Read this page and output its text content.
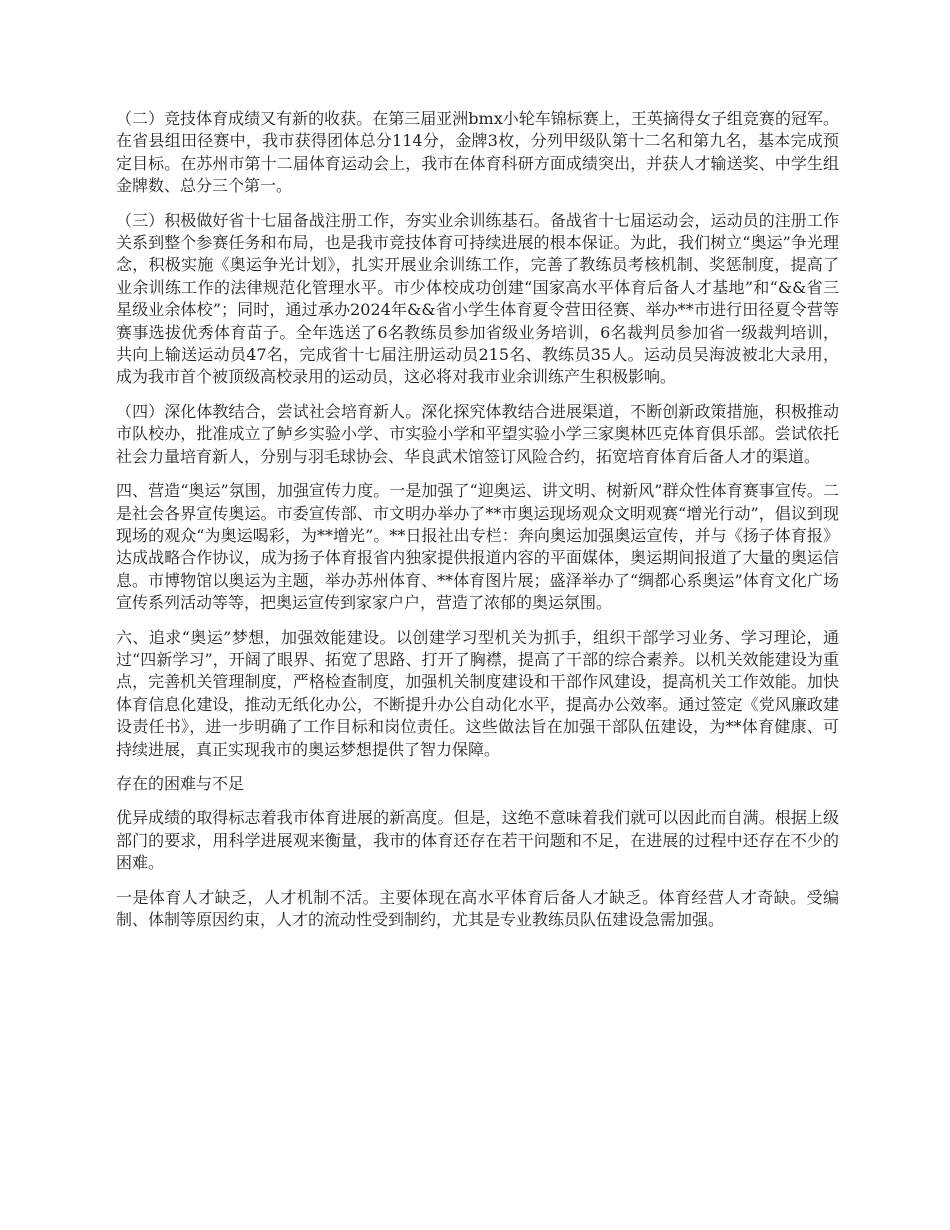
（二）竞技体育成绩又有新的收获。在第三届亚洲bmx小轮车锦标赛上，王英摘得女子组竞赛的冠军。在省县组田径赛中，我市获得团体总分114分，金牌3枚，分列甲级队第十二名和第九名，基本完成预定目标。在苏州市第十二届体育运动会上，我市在体育科研方面成绩突出，并获人才输送奖、中学生组金牌数、总分三个第一。

（三）积极做好省十七届备战注册工作，夯实业余训练基石。备战省十七届运动会，运动员的注册工作关系到整个参赛任务和布局，也是我市竞技体育可持续进展的根本保证。为此，我们树立“奥运”争光理念，积极实施《奥运争光计划》，扎实开展业余训练工作，完善了教练员考核机制、奖惩制度，提高了业余训练工作的法律规范化管理水平。市少体校成功创建“国家高水平体育后备人才基地”和“&&省三星级业余体校”；同时，通过承办2024年&&省小学生体育夏令营田径赛、举办**市进行田径夏令营等赛事选拔优秀体育苗子。全年选送了6名教练员参加省级业务培训，6名裁判员参加省一级裁判培训，共向上输送运动员47名，完成省十七届注册运动员215名、教练员35人。运动员吴海波被北大录用，成为我市首个被顶级高校录用的运动员，这必将对我市业余训练产生积极影响。

（四）深化体教结合，尝试社会培育新人。深化探究体教结合进展渠道，不断创新政策措施，积极推动市队校办，批准成立了鲈乡实验小学、市实验小学和平望实验小学三家奥林匹克体育俱乐部。尝试依托社会力量培育新人，分别与羽毛球协会、华良武术馆签订风险合约，拓宽培育体育后备人才的渠道。

四、营造“奥运”氛围，加强宣传力度。一是加强了“迎奥运、讲文明、树新风”群众性体育赛事宣传。二是社会各界宣传奥运。市委宣传部、市文明办举办了**市奥运现场观众文明观赛“增光行动”，倡议到现现场的观众“为奥运喝彩，为**增光”。**日报社出专栏：奔向奥运加强奥运宣传，并与《扬子体育报》达成战略合作协议，成为扬子体育报省内独家提供报道内容的平面媒体，奥运期间报道了大量的奥运信息。市博物馆以奥运为主题，举办苏州体育、**体育图片展；盛泽举办了“绸都心系奥运”体育文化广场宣传系列活动等等，把奥运宣传到家家户户，营造了浓郁的奥运氛围。

六、追求“奥运”梦想，加强效能建设。以创建学习型机关为抓手，组织干部学习业务、学习理论，通过“四新学习”，开阔了眼界、拓宽了思路、打开了胸襟，提高了干部的综合素养。以机关效能建设为重点，完善机关管理制度，严格检查制度，加强机关制度建设和干部作风建设，提高机关工作效能。加快体育信息化建设，推动无纸化办公，不断提升办公自动化水平，提高办公效率。通过签定《党风廉政建设责任书》，进一步明确了工作目标和岗位责任。这些做法旨在加强干部队伍建设，为**体育健康、可持续进展，真正实现我市的奥运梦想提供了智力保障。

存在的困难与不足

优异成绩的取得标志着我市体育进展的新高度。但是，这绝不意味着我们就可以因此而自满。根据上级部门的要求，用科学进展观来衡量，我市的体育还存在若干问题和不足，在进展的过程中还存在不少的困难。

一是体育人才缺乏，人才机制不活。主要体现在高水平体育后备人才缺乏。体育经营人才奇缺。受编制、体制等原因约束，人才的流动性受到制约，尤其是专业教练员队伍建设急需加强。
